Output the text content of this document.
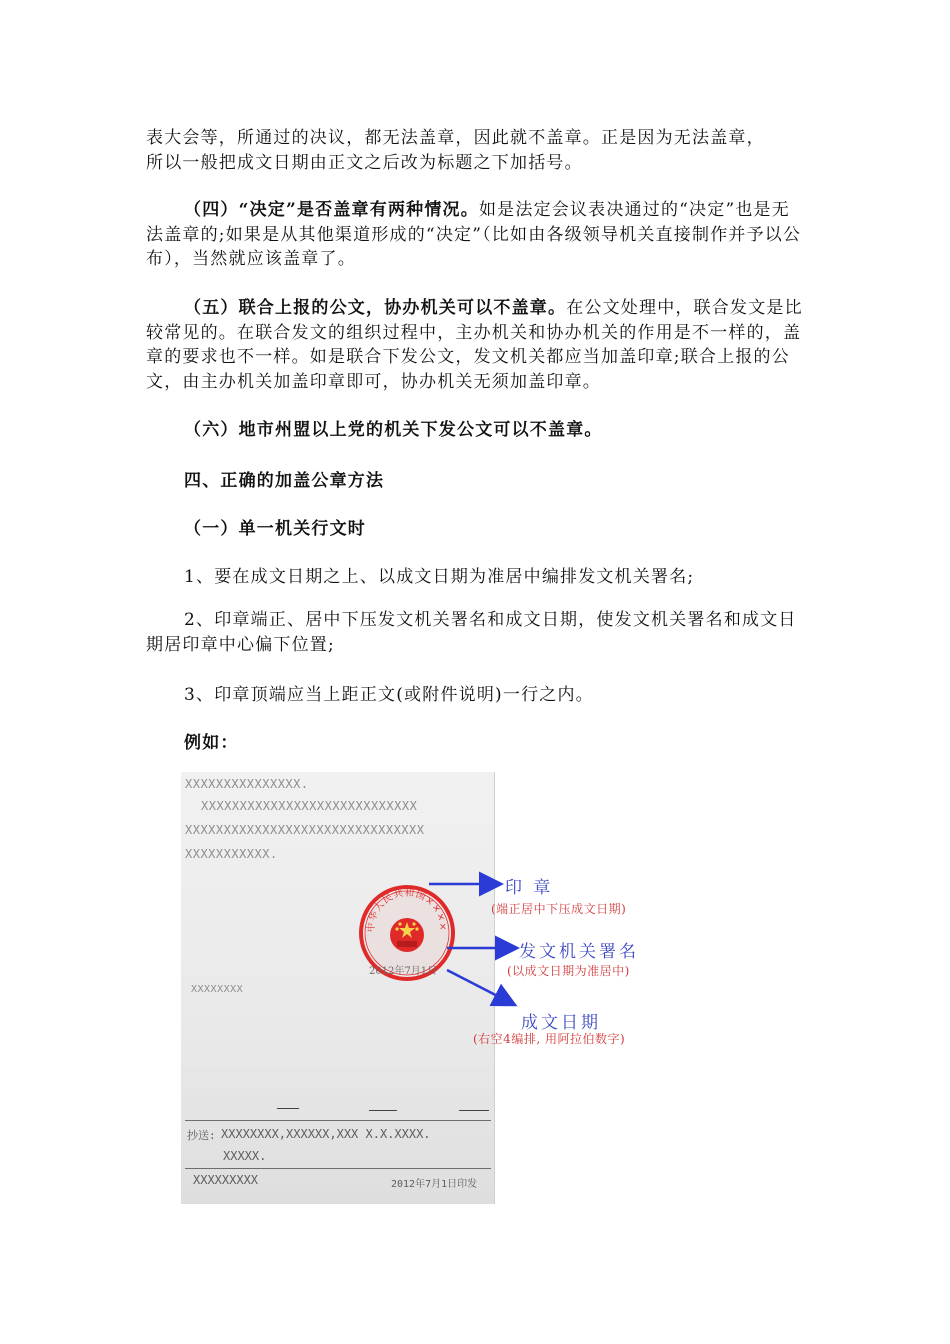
表大会等，所通过的决议，都无法盖章，因此就不盖章。正是因为无法盖章，
所以一般把成文日期由正文之后改为标题之下加括号。

（四）“决定”是否盖章有两种情况。如是法定会议表决通过的“决定”也是无法盖章的;如果是从其他渠道形成的“决定”（比如由各级领导机关直接制作并予以公布），当然就应该盖章了。

（五）联合上报的公文，协办机关可以不盖章。在公文处理中，联合发文是比较常见的。在联合发文的组织过程中，主办机关和协办机关的作用是不一样的，盖章的要求也不一样。如是联合下发公文，发文机关都应当加盖印章;联合上报的公文，由主办机关加盖印章即可，协办机关无须加盖印章。

（六）地市州盟以上党的机关下发公文可以不盖章。

四、正确的加盖公章方法

（一）单一机关行文时

1、要在成文日期之上、以成文日期为准居中编排发文机关署名;

2、印章端正、居中下压发文机关署名和成文日期，使发文机关署名和成文日期居印章中心偏下位置;

3、印章顶端应当上距正文(或附件说明)一行之内。

例如：

XXXXXXXXXXXXXXX.
XXXXXXXXXXXXXXXXXXXXXXXXXXXX
XXXXXXXXXXXXXXXXXXXXXXXXXXXXXXX
XXXXXXXXXXX.
XXXXXXXX
中华人民共和国××××
2012年7月1日
抄送: XXXXXXXX,XXXXXX,XXX X.X.XXXX.
XXXXX.
XXXXXXXXX	2012年7月1日印发
印 章
(端正居中下压成文日期)
发文机关署名
(以成文日期为准居中)
成文日期
(右空4编排, 用阿拉伯数字)
